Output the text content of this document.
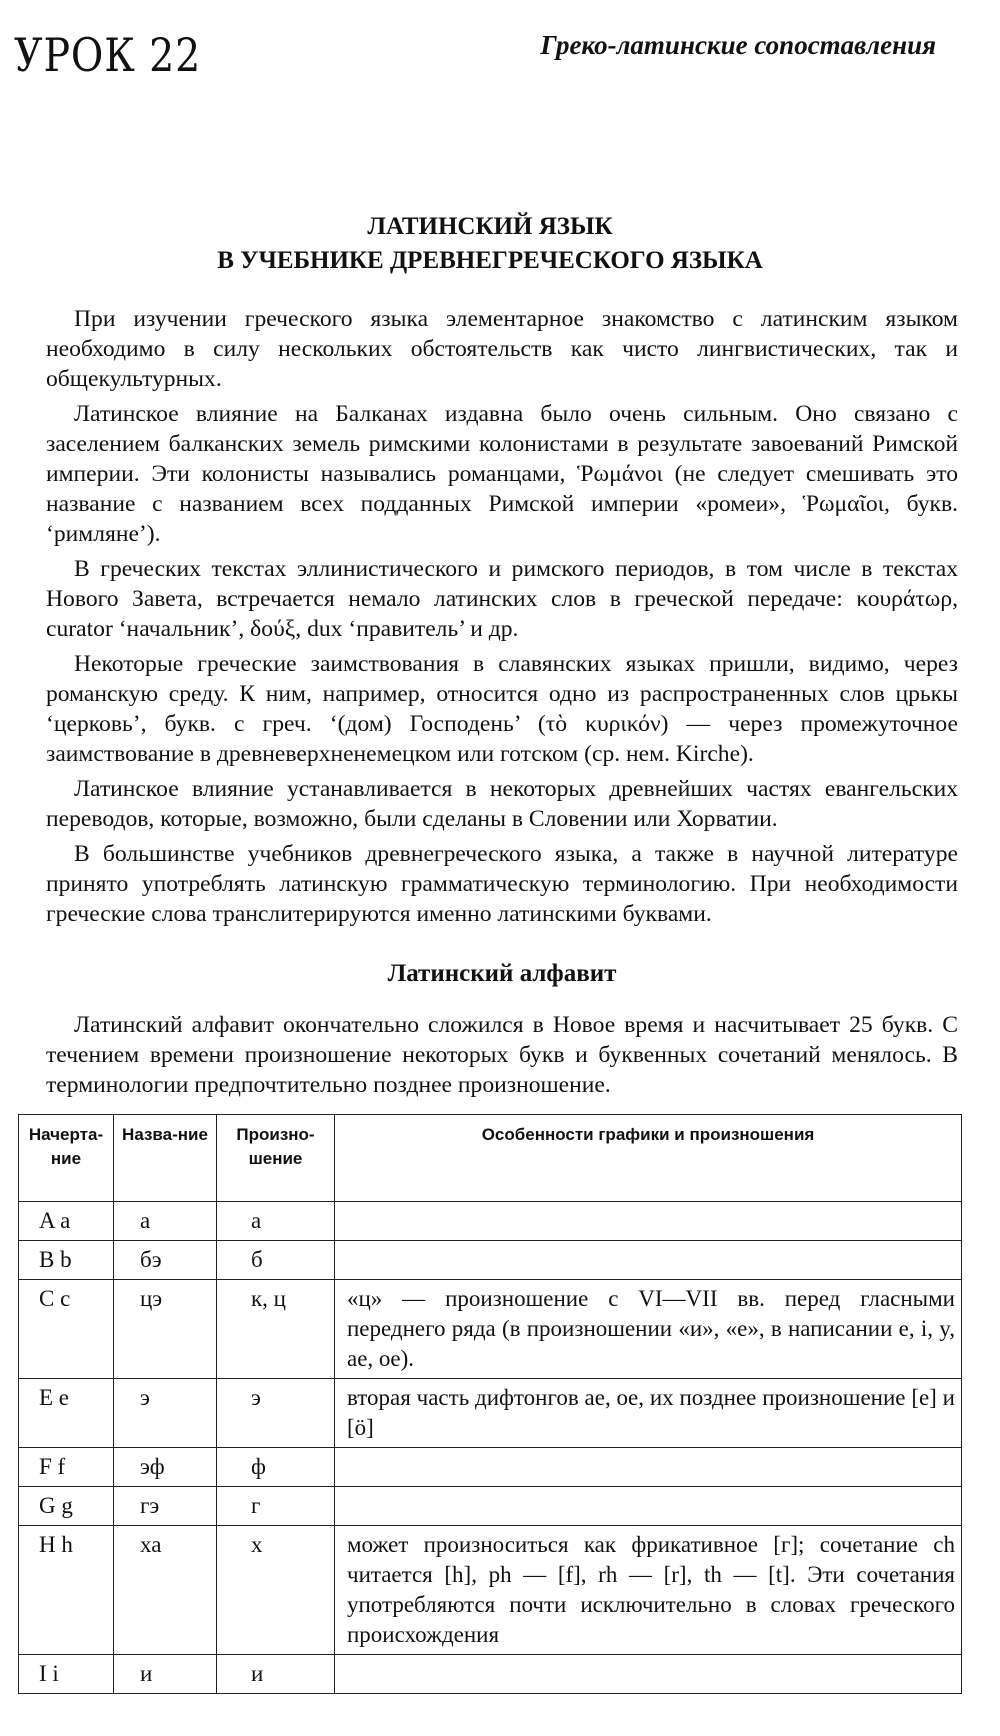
УРОК 22	Греко-латинские сопоставления
ЛАТИНСКИЙ ЯЗЫК
В УЧЕБНИКЕ ДРЕВНЕГРЕЧЕСКОГО ЯЗЫКА

При изучении греческого языка элементарное знакомство с латинским языком необходимо в силу нескольких обстоятельств как чисто лингвистических, так и общекультурных.

Латинское влияние на Балканах издавна было очень сильным. Оно связано с заселением балканских земель римскими колонистами в результате завоеваний Римской империи. Эти колонисты назывались романцами, Ῥωμάνοι (не следует смешивать это название с названием всех подданных Римской империи «ромеи», Ῥωμαῖοι, букв. ‘римляне’).

В греческих текстах эллинистического и римского периодов, в том числе в текстах Нового Завета, встречается немало латинских слов в греческой передаче: κουράτωρ, curator ‘начальник’, δούξ, dux ‘правитель’ и др.

Некоторые греческие заимствования в славянских языках пришли, видимо, через романскую среду. К ним, например, относится одно из распространенных слов црькы ‘церковь’, букв. с греч. ‘(дом) Господень’ (τὸ κυρικόν) — через промежуточное заимствование в древневерхненемецком или готском (ср. нем. Kirche).

Латинское влияние устанавливается в некоторых древнейших частях евангельских переводов, которые, возможно, были сделаны в Словении или Хорватии.

В большинстве учебников древнегреческого языка, а также в научной литературе принято употреблять латинскую грамматическую терминологию. При необходимости греческие слова транслитерируются именно латинскими буквами.

Латинский алфавит

Латинский алфавит окончательно сложился в Новое время и насчитывает 25 букв. С течением времени произношение некоторых букв и буквенных сочетаний менялось. В терминологии предпочтительно позднее произношение.

Начерта-ние	Назва-ние	Произно-шение	Особенности графики и произношения
A a	а	а	
B b	бэ	б	
C c	цэ	к, ц	«ц» — произношение с VI—VII вв. перед гласными переднего ряда (в произношении «и», «е», в написании e, i, y, ae, oe).
E e	э	э	вторая часть дифтонгов ae, oe, их позднее произношение [e] и [ö]
F f	эф	ф	
G g	гэ	г	
H h	ха	х	может произноситься как фрикативное [г]; сочетание ch читается [h], ph — [f], rh — [r], th — [t]. Эти сочетания употребляются почти исключительно в словах греческого происхождения
I i	и	и	
